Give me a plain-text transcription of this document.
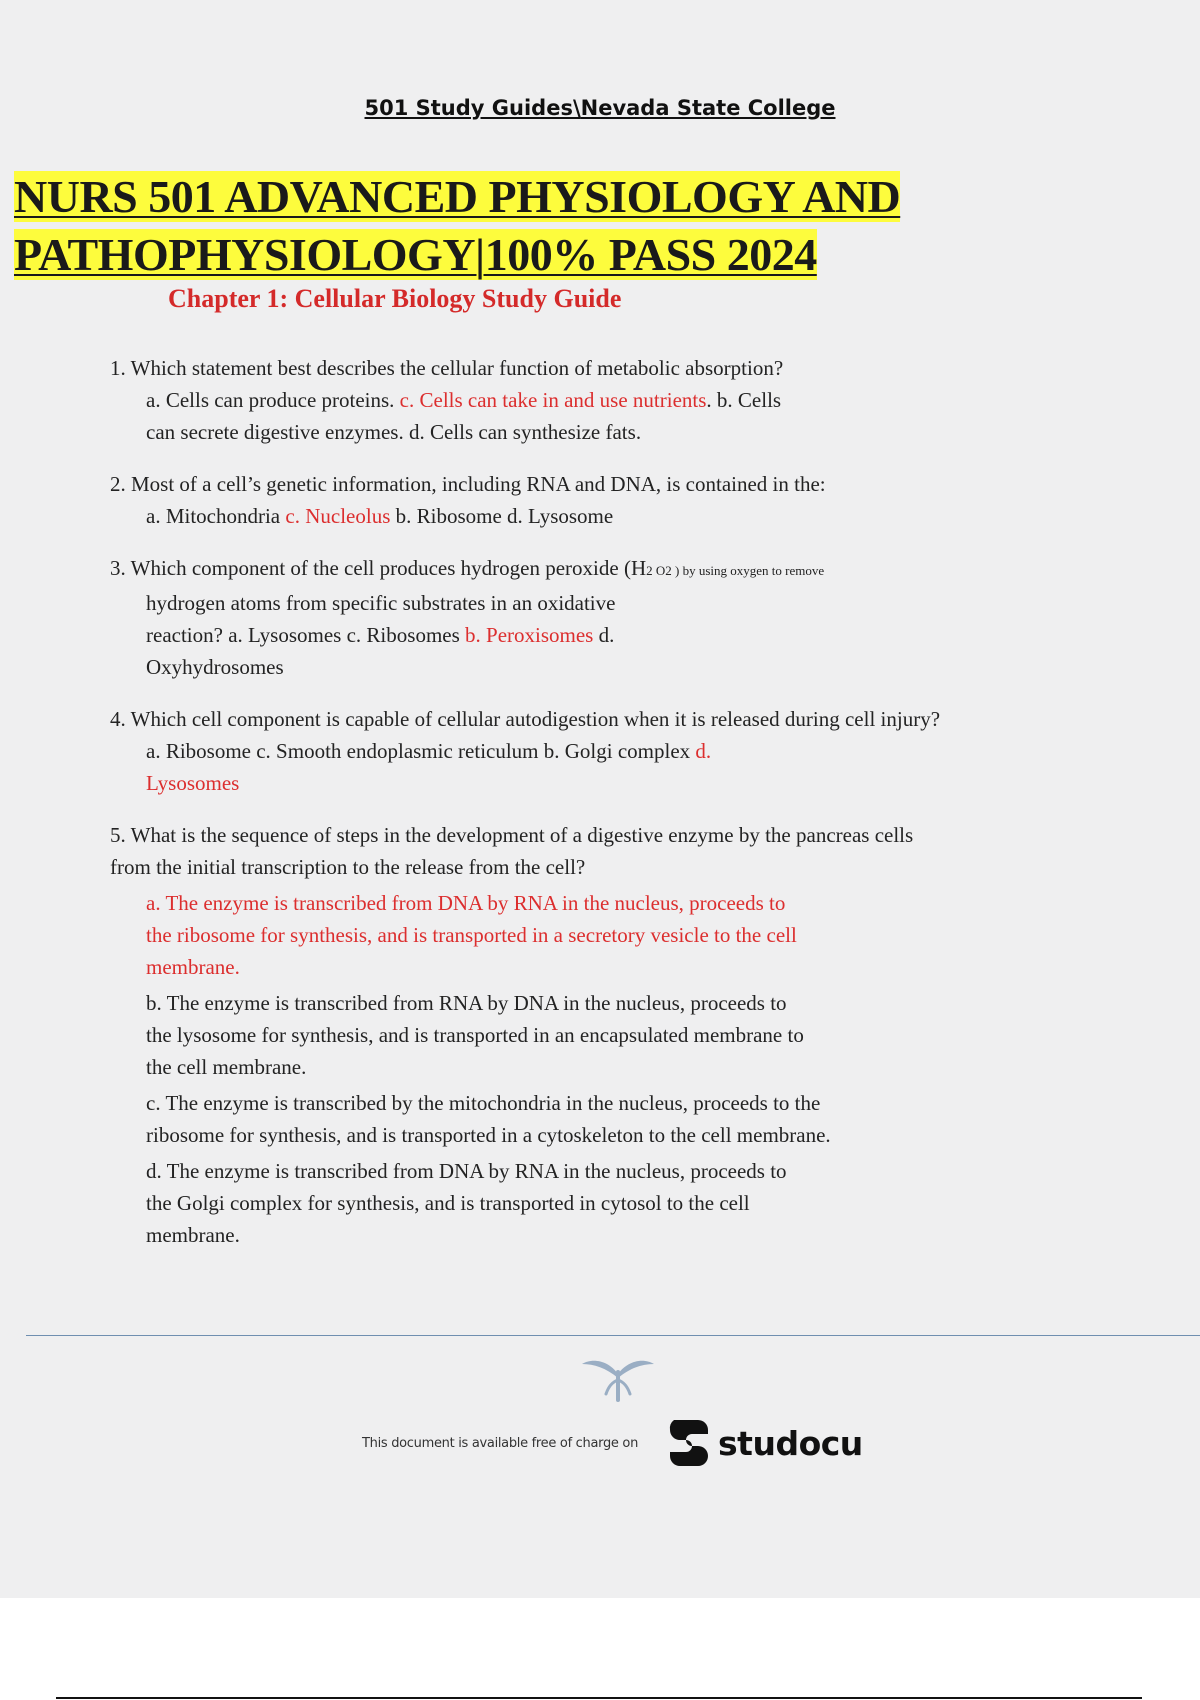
501 Study Guides\Nevada State College
NURS 501 ADVANCED PHYSIOLOGY AND
PATHOPHYSIOLOGY|100% PASS 2024
Chapter 1: Cellular Biology Study Guide
1. Which statement best describes the cellular function of metabolic absorption?
a. Cells can produce proteins. c. Cells can take in and use nutrients. b. Cells
can secrete digestive enzymes. d. Cells can synthesize fats.
2. Most of a cell’s genetic information, including RNA and DNA, is contained in the:
a. Mitochondria c. Nucleolus b. Ribosome d. Lysosome
3. Which component of the cell produces hydrogen peroxide (H2 O2 ) by using oxygen to remove
hydrogen atoms from specific substrates in an oxidative
reaction? a. Lysosomes c. Ribosomes b. Peroxisomes d.
Oxyhydrosomes
4. Which cell component is capable of cellular autodigestion when it is released during cell injury?
a. Ribosome c. Smooth endoplasmic reticulum b. Golgi complex d.
Lysosomes
5. What is the sequence of steps in the development of a digestive enzyme by the pancreas cells
from the initial transcription to the release from the cell?
a. The enzyme is transcribed from DNA by RNA in the nucleus, proceeds to
the ribosome for synthesis, and is transported in a secretory vesicle to the cell
membrane.
b. The enzyme is transcribed from RNA by DNA in the nucleus, proceeds to
the lysosome for synthesis, and is transported in an encapsulated membrane to
the cell membrane.
c. The enzyme is transcribed by the mitochondria in the nucleus, proceeds to the
ribosome for synthesis, and is transported in a cytoskeleton to the cell membrane.
d. The enzyme is transcribed from DNA by RNA in the nucleus, proceeds to
the Golgi complex for synthesis, and is transported in cytosol to the cell
membrane.
This document is available free of charge on studocu
